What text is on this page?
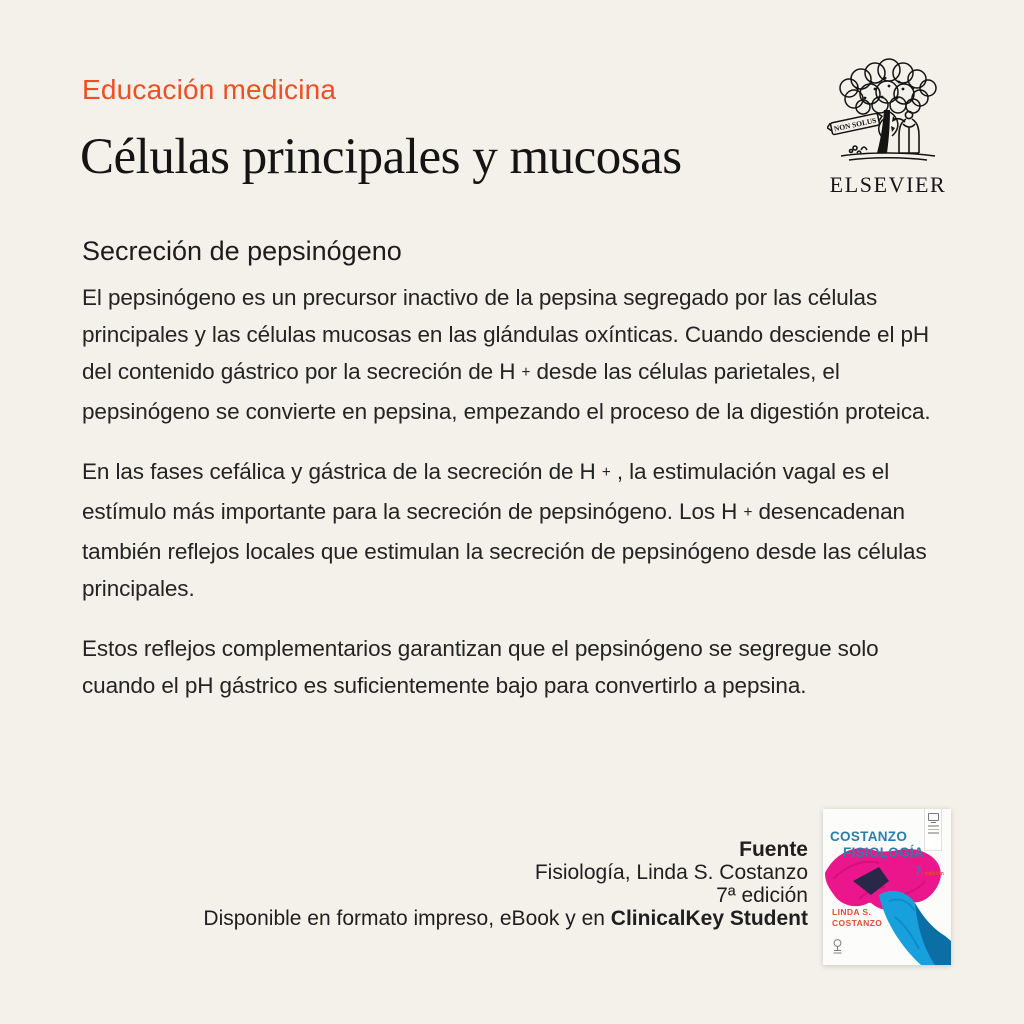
Educación medicina
Células principales y mucosas
NON SOLUS
ELSEVIER
Secreción de pepsinógeno

El pepsinógeno es un precursor inactivo de la pepsina segregado por las células principales y las células mucosas en las glándulas oxínticas. Cuando desciende el pH del contenido gástrico por la secreción de H + desde las células parietales, el pepsinógeno se convierte en pepsina, empezando el proceso de la digestión proteica.

En las fases cefálica y gástrica de la secreción de H + , la estimulación vagal es el estímulo más importante para la secreción de pepsinógeno. Los H + desencadenan también reflejos locales que estimulan la secreción de pepsinógeno desde las células principales.

Estos reflejos complementarios garantizan que el pepsinógeno se segregue solo cuando el pH gástrico es suficientemente bajo para convertirlo a pepsina.

Fuente
Fisiología, Linda S. Costanzo
7ª edición
Disponible en formato impreso, eBook y en ClinicalKey Student
COSTANZO
FISIOLOGÍA
7ª edición
LINDA S.
COSTANZO
